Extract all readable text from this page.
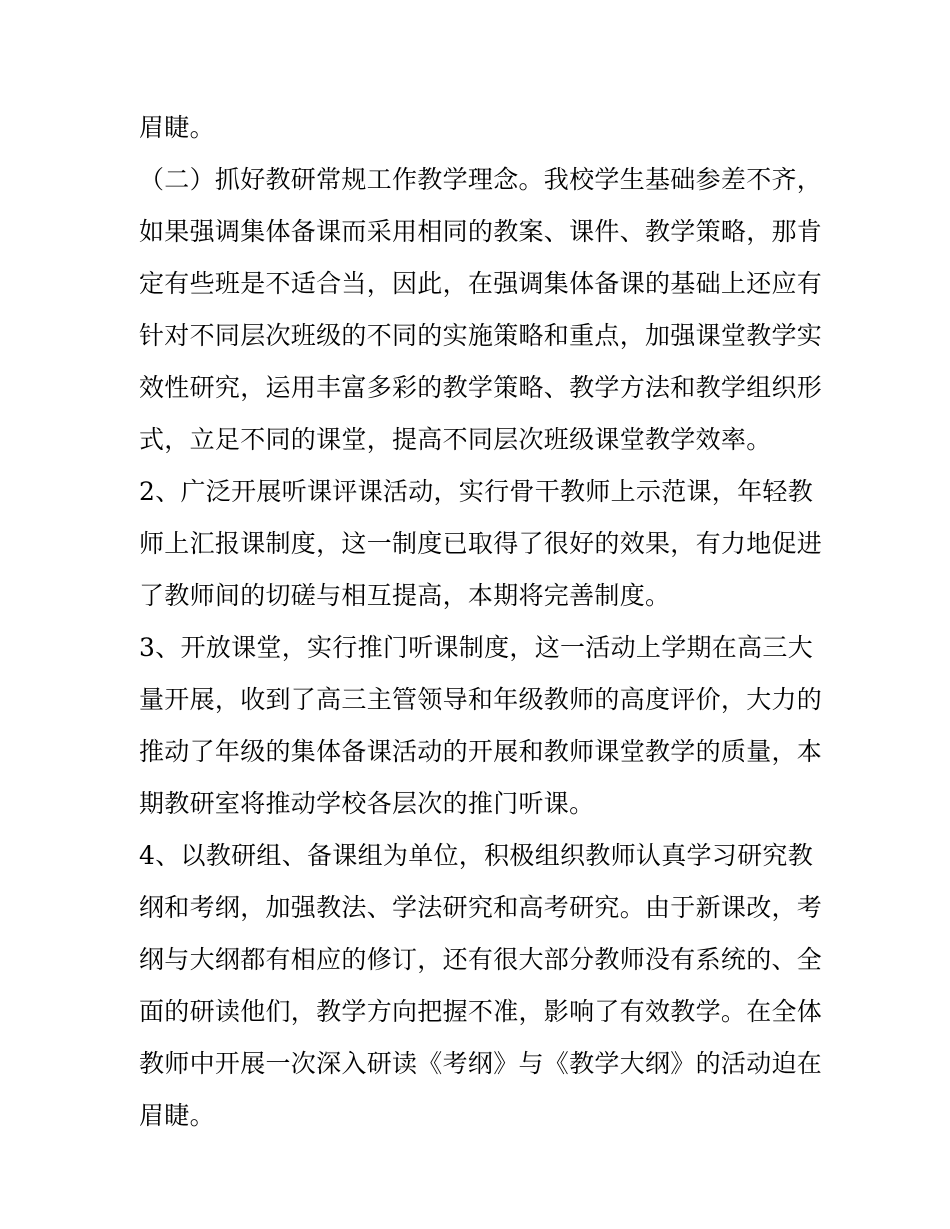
眉睫。
（二）抓好教研常规工作教学理念。我校学生基础参差不齐，
如果强调集体备课而采用相同的教案、课件、教学策略，那肯
定有些班是不适合当，因此，在强调集体备课的基础上还应有
针对不同层次班级的不同的实施策略和重点，加强课堂教学实
效性研究，运用丰富多彩的教学策略、教学方法和教学组织形
式，立足不同的课堂，提高不同层次班级课堂教学效率。
2、广泛开展听课评课活动，实行骨干教师上示范课，年轻教
师上汇报课制度，这一制度已取得了很好的效果，有力地促进
了教师间的切磋与相互提高，本期将完善制度。
3、开放课堂，实行推门听课制度，这一活动上学期在高三大
量开展，收到了高三主管领导和年级教师的高度评价，大力的
推动了年级的集体备课活动的开展和教师课堂教学的质量，本
期教研室将推动学校各层次的推门听课。
4、以教研组、备课组为单位，积极组织教师认真学习研究教
纲和考纲，加强教法、学法研究和高考研究。由于新课改，考
纲与大纲都有相应的修订，还有很大部分教师没有系统的、全
面的研读他们，教学方向把握不准，影响了有效教学。在全体
教师中开展一次深入研读《考纲》与《教学大纲》的活动迫在
眉睫。
